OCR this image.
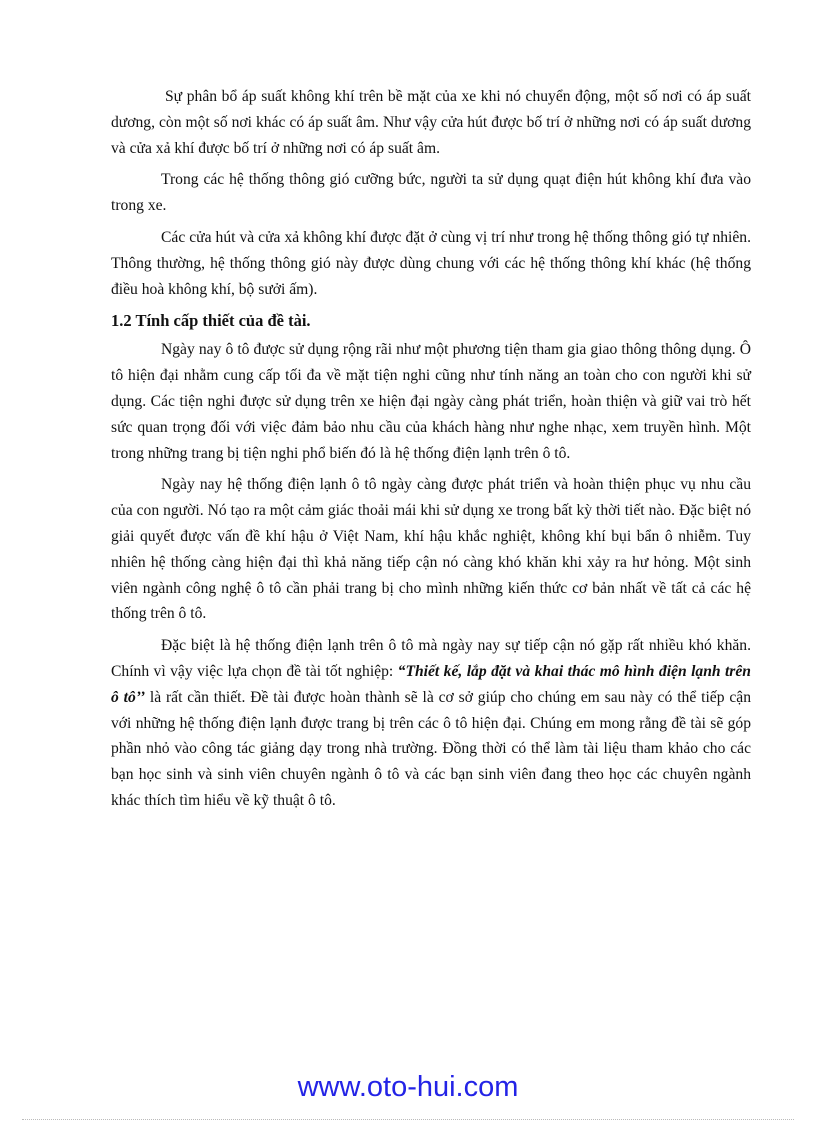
Sự phân bổ áp suất không khí trên bề mặt của xe khi nó chuyển động, một số nơi có áp suất dương, còn một số nơi khác có áp suất âm. Như vậy cửa hút được bố trí ở những nơi có áp suất dương và cửa xả khí được bố trí ở những nơi có áp suất âm.

Trong các hệ thống thông gió cưỡng bức, người ta sử dụng quạt điện hút không khí đưa vào trong xe.

Các cửa hút và cửa xả không khí được đặt ở cùng vị trí như trong hệ thống thông gió tự nhiên. Thông thường, hệ thống thông gió này được dùng chung với các hệ thống thông khí khác (hệ thống điều hoà không khí, bộ sưởi ấm).

1.2 Tính cấp thiết của đề tài.

Ngày nay ô tô được sử dụng rộng rãi như một phương tiện tham gia giao thông thông dụng. Ô tô hiện đại nhằm cung cấp tối đa về mặt tiện nghi cũng như tính năng an toàn cho con người khi sử dụng. Các tiện nghi được sử dụng trên xe hiện đại ngày càng phát triển, hoàn thiện và giữ vai trò hết sức quan trọng đối với việc đảm bảo nhu cầu của khách hàng như nghe nhạc, xem truyền hình. Một trong những trang bị tiện nghi phổ biến đó là hệ thống điện lạnh trên ô tô.

Ngày nay hệ thống điện lạnh ô tô ngày càng được phát triển và hoàn thiện phục vụ nhu cầu của con người. Nó tạo ra một cảm giác thoải mái khi sử dụng xe trong bất kỳ thời tiết nào. Đặc biệt nó giải quyết được vấn đề khí hậu ở Việt Nam, khí hậu khắc nghiệt, không khí bụi bẩn ô nhiễm. Tuy nhiên hệ thống càng hiện đại thì khả năng tiếp cận nó càng khó khăn khi xảy ra hư hỏng. Một sinh viên ngành công nghệ ô tô cần phải trang bị cho mình những kiến thức cơ bản nhất về tất cả các hệ thống trên ô tô.

Đặc biệt là hệ thống điện lạnh trên ô tô mà ngày nay sự tiếp cận nó gặp rất nhiều khó khăn. Chính vì vậy việc lựa chọn đề tài tốt nghiệp: “Thiết kế, lắp đặt và khai thác mô hình điện lạnh trên ô tô’’ là rất cần thiết. Đề tài được hoàn thành sẽ là cơ sở giúp cho chúng em sau này có thể tiếp cận với những hệ thống điện lạnh được trang bị trên các ô tô hiện đại. Chúng em mong rằng đề tài sẽ góp phần nhỏ vào công tác giảng dạy trong nhà trường. Đồng thời có thể làm tài liệu tham khảo cho các bạn học sinh và sinh viên chuyên ngành ô tô và các bạn sinh viên đang theo học các chuyên ngành khác thích tìm hiểu về kỹ thuật ô tô.

www.oto-hui.com
